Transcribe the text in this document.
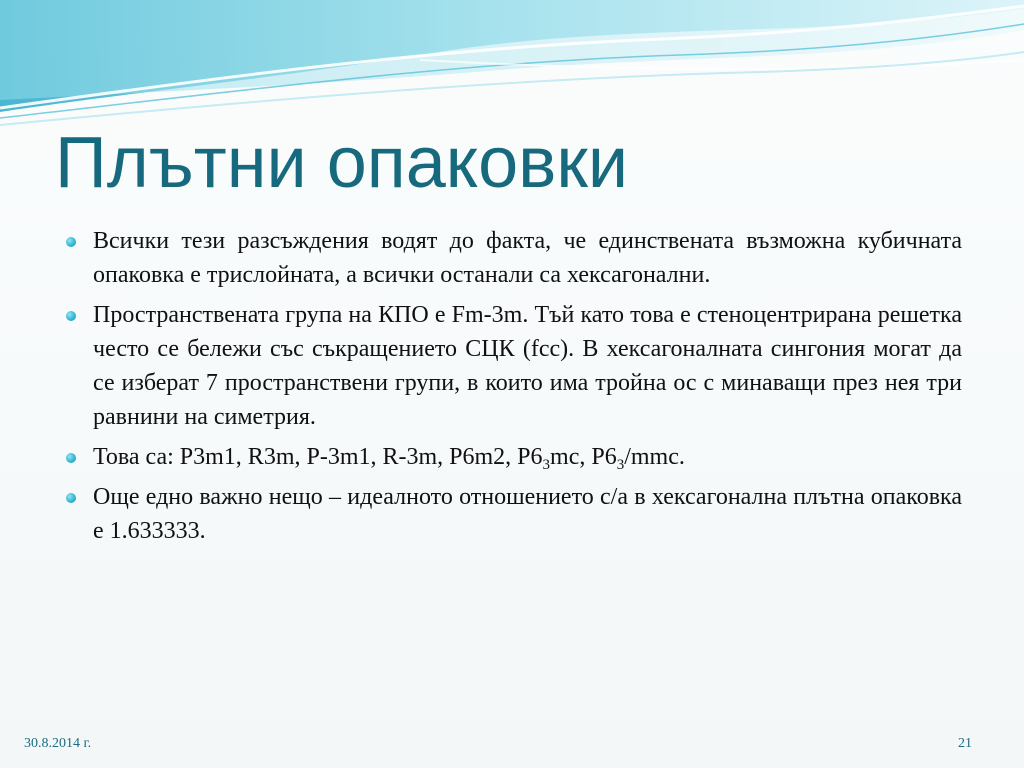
Плътни опаковки
Всички тези разсъждения водят до факта, че единствената възможна кубичната опаковка е трислойната, а всички останали са хексагонални.
Пространствената група на КПО е Fm-3m. Тъй като това е стеноцентрирана решетка често се бележи със съкращението СЦК (fcc). В хексагоналната сингония могат да се изберат 7 пространствени групи, в които има тройна ос с минаващи през нея три равнини на симетрия.
Това са: P3m1, R3m, P-3m1, R-3m, P6m2, $P6_3mc$, $P6_3$/mmc.
Още едно важно нещо – идеалното отношението c/a в хексагонална плътна опаковка е 1.633333.
30.8.2014 г.	21
